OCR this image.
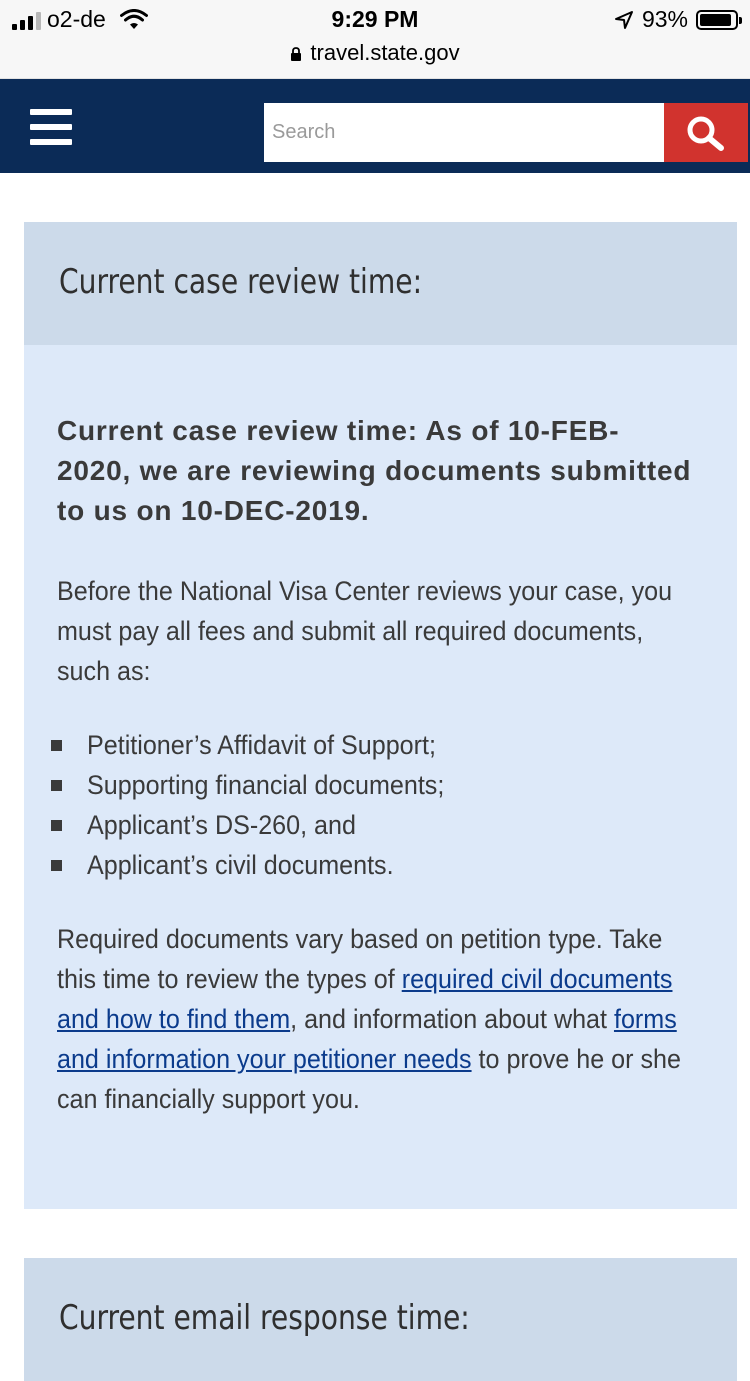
o2-de	9:29 PM	93%
travel.state.gov
Search
Current case review time:

Current case review time: As of 10-FEB-2020, we are reviewing documents submitted to us on 10-DEC-2019.

Before the National Visa Center reviews your case, you must pay all fees and submit all required documents, such as:

Petitioner’s Affidavit of Support;
Supporting financial documents;
Applicant’s DS-260, and
Applicant’s civil documents.

Required documents vary based on petition type. Take this time to review the types of required civil documents and how to find them, and information about what forms and information your petitioner needs to prove he or she can financially support you.

Current email response time:
